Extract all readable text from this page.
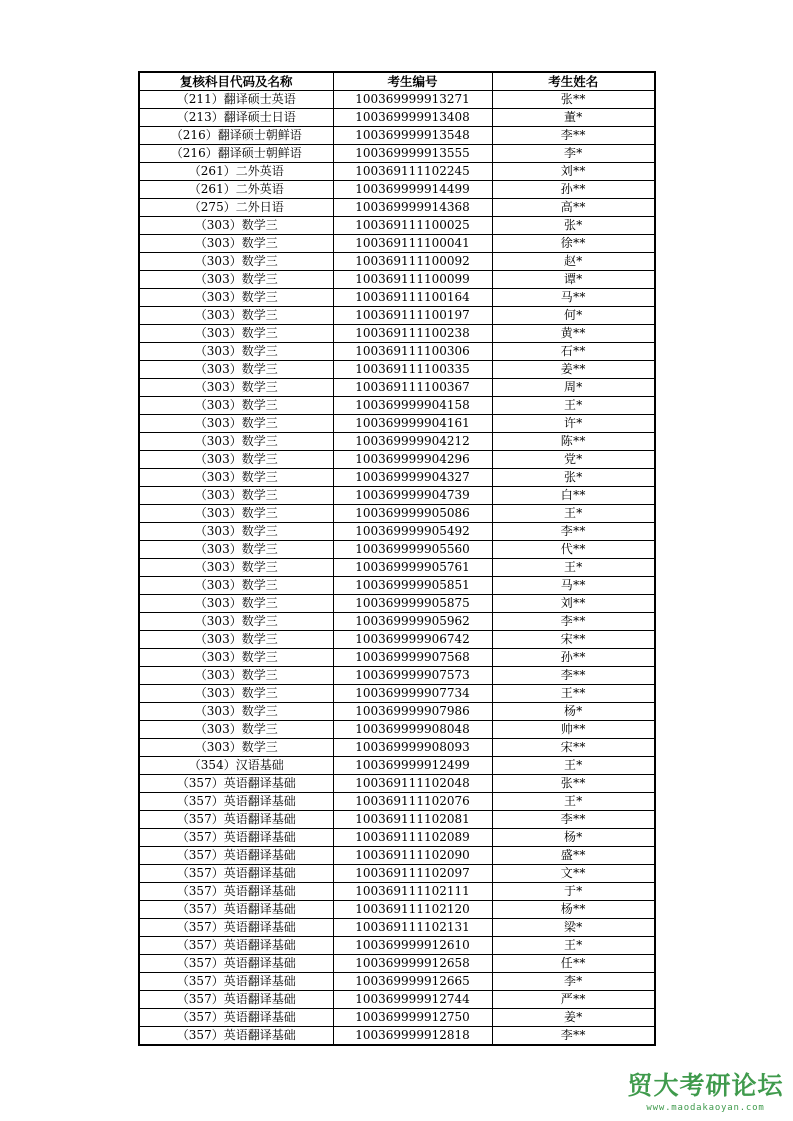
复核科目代码及名称	考生编号	考生姓名
（211）翻译硕士英语	100369999913271	张**
（213）翻译硕士日语	100369999913408	董*
（216）翻译硕士朝鲜语	100369999913548	李**
（216）翻译硕士朝鲜语	100369999913555	李*
（261）二外英语	100369111102245	刘**
（261）二外英语	100369999914499	孙**
（275）二外日语	100369999914368	高**
（303）数学三	100369111100025	张*
（303）数学三	100369111100041	徐**
（303）数学三	100369111100092	赵*
（303）数学三	100369111100099	谭*
（303）数学三	100369111100164	马**
（303）数学三	100369111100197	何*
（303）数学三	100369111100238	黄**
（303）数学三	100369111100306	石**
（303）数学三	100369111100335	姜**
（303）数学三	100369111100367	周*
（303）数学三	100369999904158	王*
（303）数学三	100369999904161	许*
（303）数学三	100369999904212	陈**
（303）数学三	100369999904296	党*
（303）数学三	100369999904327	张*
（303）数学三	100369999904739	白**
（303）数学三	100369999905086	王*
（303）数学三	100369999905492	李**
（303）数学三	100369999905560	代**
（303）数学三	100369999905761	王*
（303）数学三	100369999905851	马**
（303）数学三	100369999905875	刘**
（303）数学三	100369999905962	李**
（303）数学三	100369999906742	宋**
（303）数学三	100369999907568	孙**
（303）数学三	100369999907573	李**
（303）数学三	100369999907734	王**
（303）数学三	100369999907986	杨*
（303）数学三	100369999908048	帅**
（303）数学三	100369999908093	宋**
（354）汉语基础	100369999912499	王*
（357）英语翻译基础	100369111102048	张**
（357）英语翻译基础	100369111102076	王*
（357）英语翻译基础	100369111102081	李**
（357）英语翻译基础	100369111102089	杨*
（357）英语翻译基础	100369111102090	盛**
（357）英语翻译基础	100369111102097	文**
（357）英语翻译基础	100369111102111	于*
（357）英语翻译基础	100369111102120	杨**
（357）英语翻译基础	100369111102131	梁*
（357）英语翻译基础	100369999912610	王*
（357）英语翻译基础	100369999912658	任**
（357）英语翻译基础	100369999912665	李*
（357）英语翻译基础	100369999912744	严**
（357）英语翻译基础	100369999912750	姜*
（357）英语翻译基础	100369999912818	李**
贸大考研论坛
www.maodakaoyan.com
